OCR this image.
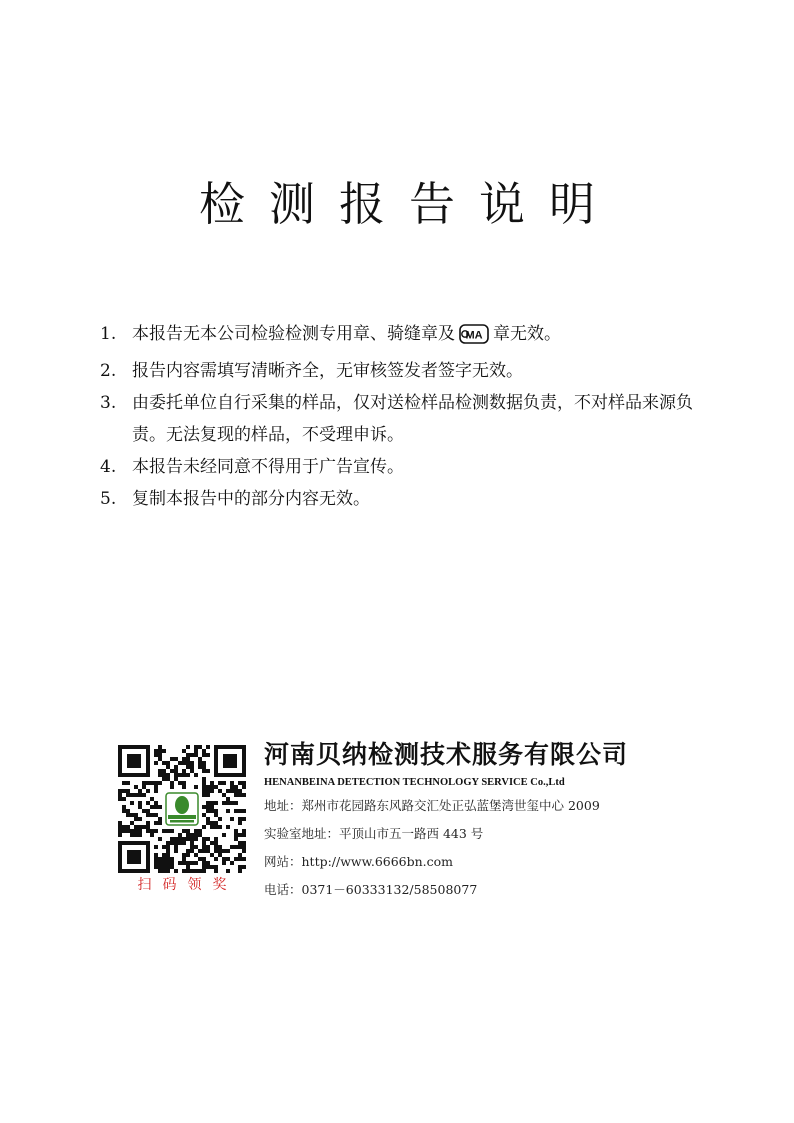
检测报告说明
1. 本报告无本公司检验检测专用章、骑缝章及 MA 章无效。
2. 报告内容需填写清晰齐全，无审核签发者签字无效。
3. 由委托单位自行采集的样品，仅对送检样品检测数据负责，不对样品来源负责。无法复现的样品，不受理申诉。
4. 本报告未经同意不得用于广告宣传。
5. 复制本报告中的部分内容无效。
扫码领奖
河南贝纳检测技术服务有限公司
HENANBEINA DETECTION TECHNOLOGY SERVICE Co.,Ltd
地址：郑州市花园路东风路交汇处正弘蓝堡湾世玺中心 2009
实验室地址：平顶山市五一路西 443 号
网站：http://www.6666bn.com
电话：0371－60333132/58508077
